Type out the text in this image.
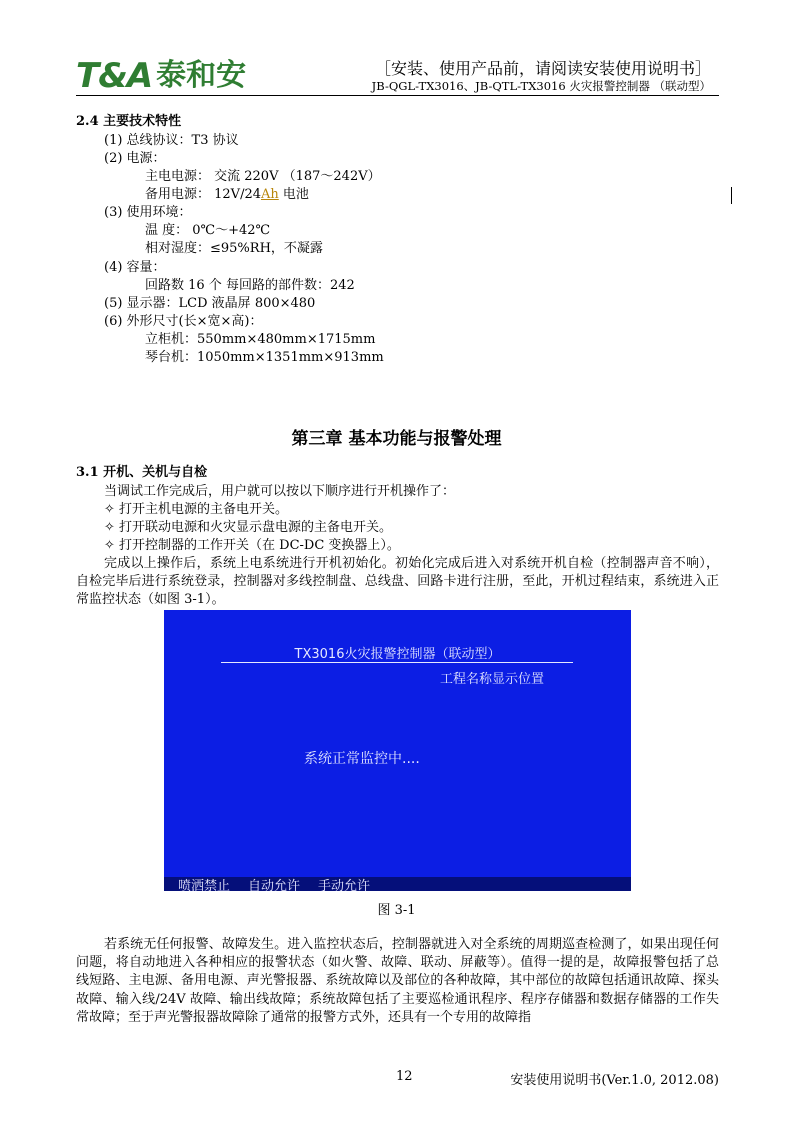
T&A 泰和安	［安装、使用产品前，请阅读安装使用说明书］
JB-QGL-TX3016、JB-QTL-TX3016 火灾报警控制器 （联动型）
2.4 主要技术特性
(1) 总线协议：T3 协议
(2) 电源：
主电电源： 交流 220V （187～242V）
备用电源： 12V/24Ah 电池
(3) 使用环境：
温 度： 0℃～+42℃
相对湿度：≤95%RH，不凝露
(4) 容量：
回路数 16 个 每回路的部件数：242
(5) 显示器：LCD 液晶屏 800×480
(6) 外形尺寸(长×宽×高)：
立柜机：550mm×480mm×1715mm
琴台机：1050mm×1351mm×913mm
第三章 基本功能与报警处理
3.1 开机、关机与自检
当调试工作完成后，用户就可以按以下顺序进行开机操作了：
✧ 打开主机电源的主备电开关。
✧ 打开联动电源和火灾显示盘电源的主备电开关。
✧ 打开控制器的工作开关（在 DC-DC 变换器上）。
完成以上操作后，系统上电系统进行开机初始化。初始化完成后进入对系统开机自检（控制器声音不响），自检完毕后进行系统登录，控制器对多线控制盘、总线盘、回路卡进行注册，至此，开机过程结束，系统进入正常监控状态（如图 3-1）。
TX3016火灾报警控制器（联动型）
工程名称显示位置
系统正常监控中....
喷洒禁止 自动允许 手动允许
图 3-1
若系统无任何报警、故障发生。进入监控状态后，控制器就进入对全系统的周期巡查检测了，如果出现任何问题，将自动地进入各种相应的报警状态（如火警、故障、联动、屏蔽等）。值得一提的是，故障报警包括了总线短路、主电源、备用电源、声光警报器、系统故障以及部位的各种故障，其中部位的故障包括通讯故障、探头故障、输入线/24V 故障、输出线故障；系统故障包括了主要巡检通讯程序、程序存储器和数据存储器的工作失常故障；至于声光警报器故障除了通常的报警方式外，还具有一个专用的故障指
12	安装使用说明书(Ver.1.0, 2012.08)
